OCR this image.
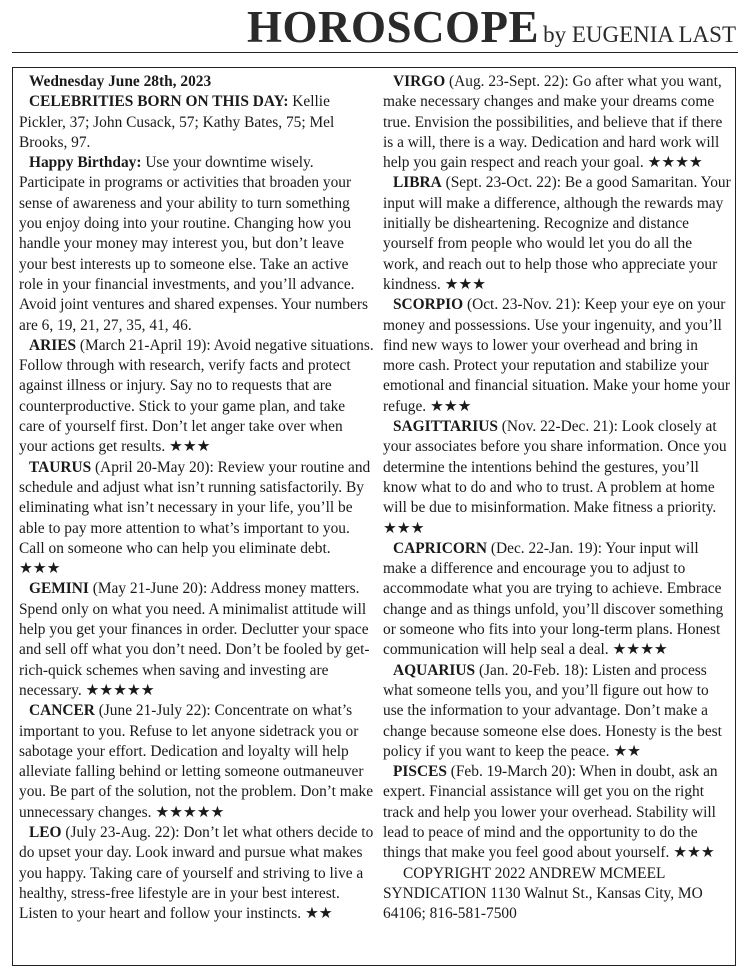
HOROSCOPE by EUGENIA LAST

Wednesday June 28th, 2023

CELEBRITIES BORN ON THIS DAY: Kellie Pickler, 37; John Cusack, 57; Kathy Bates, 75; Mel Brooks, 97.

Happy Birthday: Use your downtime wisely. Participate in programs or activities that broaden your sense of awareness and your ability to turn something you enjoy doing into your routine. Changing how you handle your money may interest you, but don’t leave your best interests up to someone else. Take an active role in your financial investments, and you’ll advance. Avoid joint ventures and shared expenses. Your numbers are 6, 19, 21, 27, 35, 41, 46.

ARIES (March 21-April 19): Avoid negative situations. Follow through with research, verify facts and protect against illness or injury. Say no to requests that are counterproductive. Stick to your game plan, and take care of yourself first. Don’t let anger take over when your actions get results. ★★★

TAURUS (April 20-May 20): Review your routine and schedule and adjust what isn’t running satisfactorily. By eliminating what isn’t necessary in your life, you’ll be able to pay more attention to what’s important to you. Call on someone who can help you eliminate debt. ★★★

GEMINI (May 21-June 20): Address money matters. Spend only on what you need. A minimalist attitude will help you get your finances in order. Declutter your space and sell off what you don’t need. Don’t be fooled by get-rich-quick schemes when saving and investing are necessary. ★★★★★

CANCER (June 21-July 22): Concentrate on what’s important to you. Refuse to let anyone sidetrack you or sabotage your effort. Dedication and loyalty will help alleviate falling behind or letting someone outmaneuver you. Be part of the solution, not the problem. Don’t make unnecessary changes. ★★★★★

LEO (July 23-Aug. 22): Don’t let what others decide to do upset your day. Look inward and pursue what makes you happy. Taking care of yourself and striving to live a healthy, stress-free lifestyle are in your best interest. Listen to your heart and follow your instincts. ★★

VIRGO (Aug. 23-Sept. 22): Go after what you want, make necessary changes and make your dreams come true. Envision the possibilities, and believe that if there is a will, there is a way. Dedication and hard work will help you gain respect and reach your goal. ★★★★

LIBRA (Sept. 23-Oct. 22): Be a good Samaritan. Your input will make a difference, although the rewards may initially be disheartening. Recognize and distance yourself from people who would let you do all the work, and reach out to help those who appreciate your kindness. ★★★

SCORPIO (Oct. 23-Nov. 21): Keep your eye on your money and possessions. Use your ingenuity, and you’ll find new ways to lower your overhead and bring in more cash. Protect your reputation and stabilize your emotional and financial situation. Make your home your refuge. ★★★

SAGITTARIUS (Nov. 22-Dec. 21): Look closely at your associates before you share information. Once you determine the intentions behind the gestures, you’ll know what to do and who to trust. A problem at home will be due to misinformation. Make fitness a priority. ★★★

CAPRICORN (Dec. 22-Jan. 19): Your input will make a difference and encourage you to adjust to accommodate what you are trying to achieve. Embrace change and as things unfold, you’ll discover something or someone who fits into your long-term plans. Honest communication will help seal a deal. ★★★★

AQUARIUS (Jan. 20-Feb. 18): Listen and process what someone tells you, and you’ll figure out how to use the information to your advantage. Don’t make a change because someone else does. Honesty is the best policy if you want to keep the peace. ★★

PISCES (Feb. 19-March 20): When in doubt, ask an expert. Financial assistance will get you on the right track and help you lower your overhead. Stability will lead to peace of mind and the opportunity to do the things that make you feel good about yourself. ★★★

COPYRIGHT 2022 ANDREW MCMEEL SYNDICATION 1130 Walnut St., Kansas City, MO 64106; 816-581-7500
